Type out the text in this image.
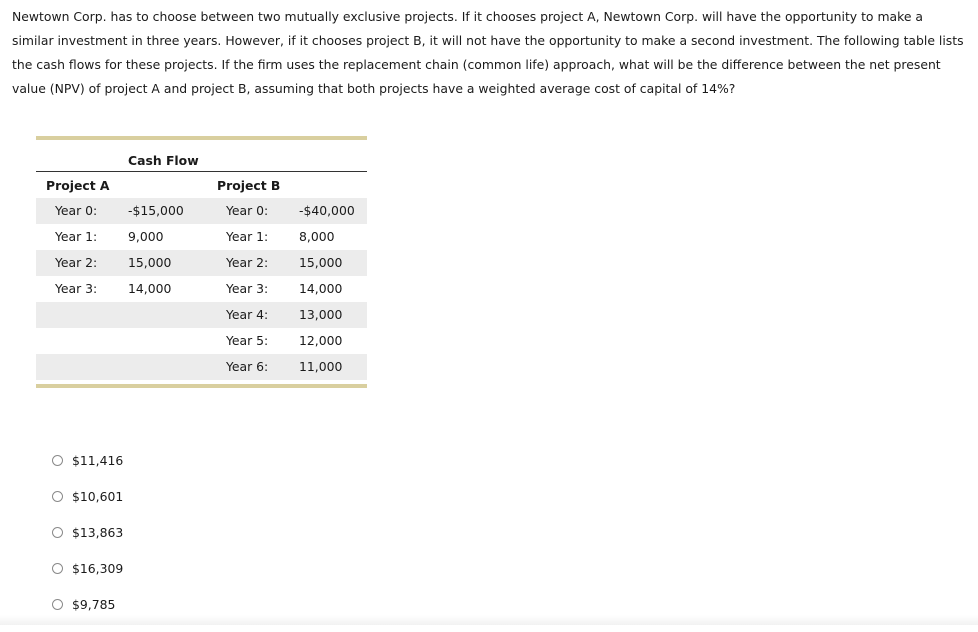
Newtown Corp. has to choose between two mutually exclusive projects. If it chooses project A, Newtown Corp. will have the opportunity to make a similar investment in three years. However, if it chooses project B, it will not have the opportunity to make a second investment. The following table lists the cash flows for these projects. If the firm uses the replacement chain (common life) approach, what will be the difference between the net present value (NPV) of project A and project B, assuming that both projects have a weighted average cost of capital of 14%?

Cash Flow
Project A	Project B
Year 0: -$15,000	Year 0: -$40,000
Year 1: 9,000	Year 1: 8,000
Year 2: 15,000	Year 2: 15,000
Year 3: 14,000	Year 3: 14,000
Year 4: 13,000
Year 5: 12,000
Year 6: 11,000
$11,416
$10,601
$13,863
$16,309
$9,785
